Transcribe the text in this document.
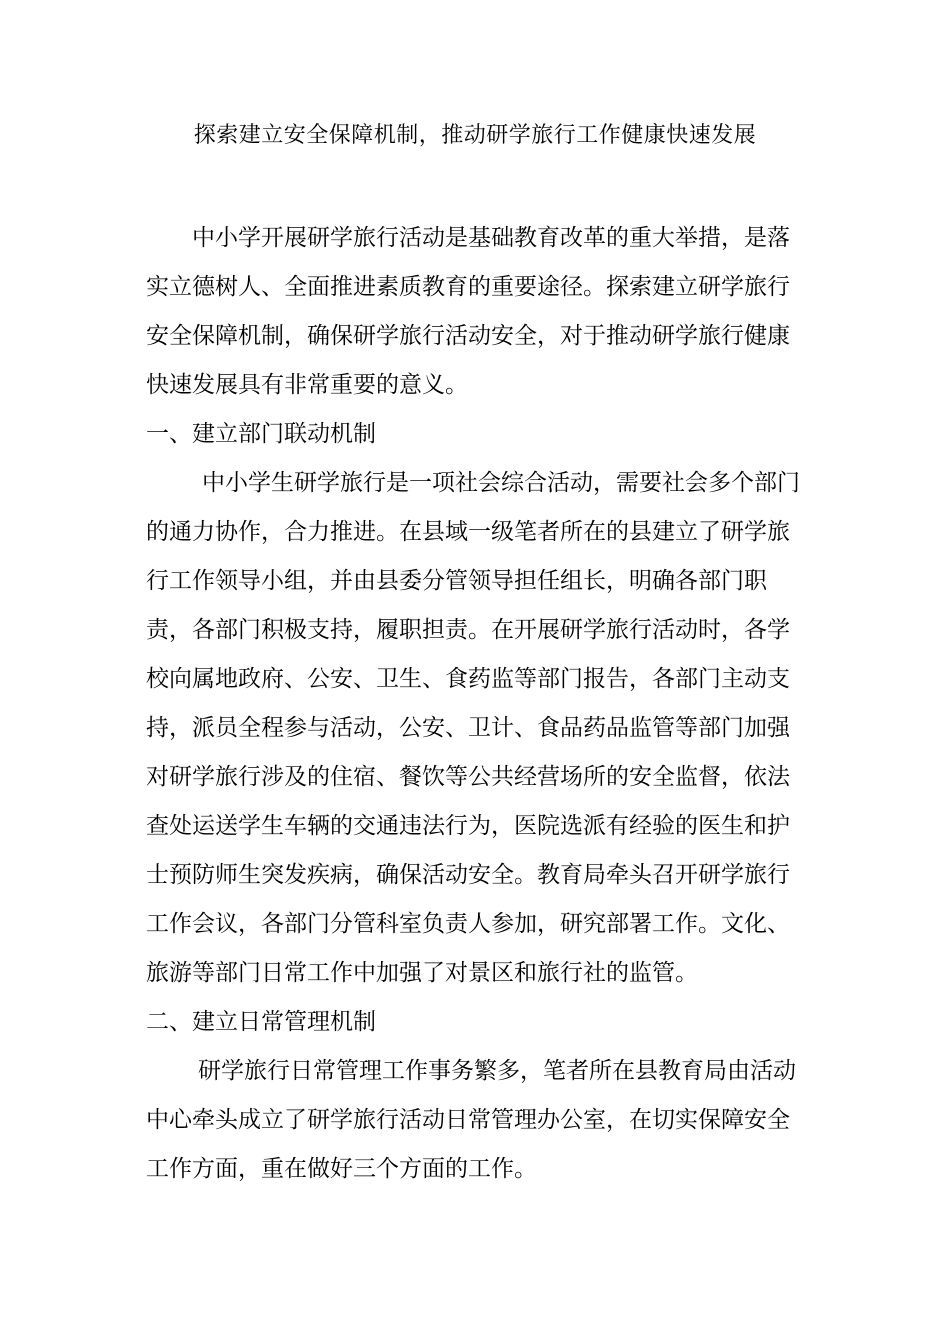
探索建立安全保障机制，推动研学旅行工作健康快速发展

中小学开展研学旅行活动是基础教育改革的重大举措，是落实立德树人、全面推进素质教育的重要途径。探索建立研学旅行安全保障机制，确保研学旅行活动安全，对于推动研学旅行健康快速发展具有非常重要的意义。

一、建立部门联动机制

中小学生研学旅行是一项社会综合活动，需要社会多个部门的通力协作，合力推进。在县域一级笔者所在的县建立了研学旅行工作领导小组，并由县委分管领导担任组长，明确各部门职责，各部门积极支持，履职担责。在开展研学旅行活动时，各学校向属地政府、公安、卫生、食药监等部门报告，各部门主动支持，派员全程参与活动，公安、卫计、食品药品监管等部门加强对研学旅行涉及的住宿、餐饮等公共经营场所的安全监督，依法查处运送学生车辆的交通违法行为，医院选派有经验的医生和护士预防师生突发疾病，确保活动安全。教育局牵头召开研学旅行工作会议，各部门分管科室负责人参加，研究部署工作。文化、旅游等部门日常工作中加强了对景区和旅行社的监管。

二、建立日常管理机制

研学旅行日常管理工作事务繁多，笔者所在县教育局由活动中心牵头成立了研学旅行活动日常管理办公室，在切实保障安全工作方面，重在做好三个方面的工作。
